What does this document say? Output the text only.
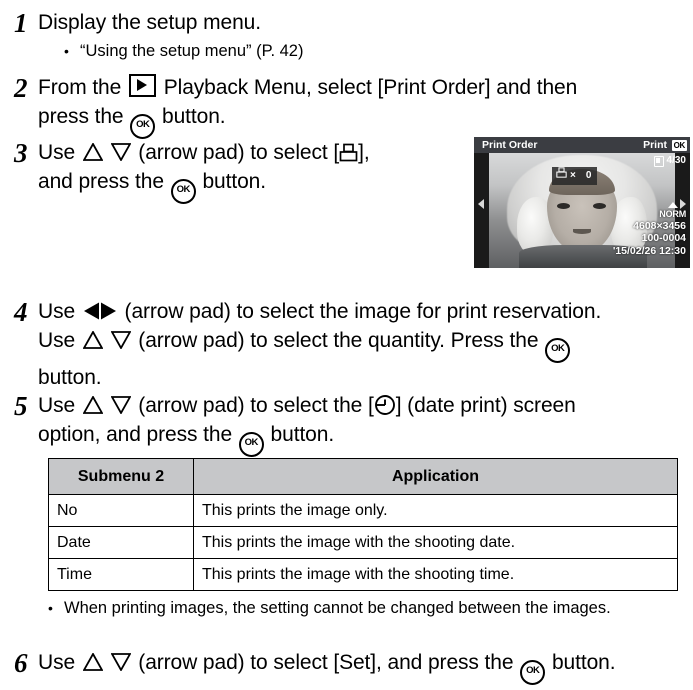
1 Display the setup menu.
• “Using the setup menu” (P. 42)
2 From the Playback Menu, select [Print Order] and then
press the OK button.
3 Use	(arrow pad) to select [ ],
and press the OK button.
Print Order	Print OK
4/30
× 0
NORM
4608×3456
100-0004
'15/02/26 12:30
4 Use (arrow pad) to select the image for print reservation.
Use	(arrow pad) to select the quantity. Press the OK
button.
5 Use	(arrow pad) to select the [ ] (date print) screen
option, and press the OK button.
Submenu 2	Application
No	This prints the image only.
Date	This prints the image with the shooting date.
Time	This prints the image with the shooting time.
• When printing images, the setting cannot be changed between the images.
6 Use	(arrow pad) to select [Set], and press the OK button.
